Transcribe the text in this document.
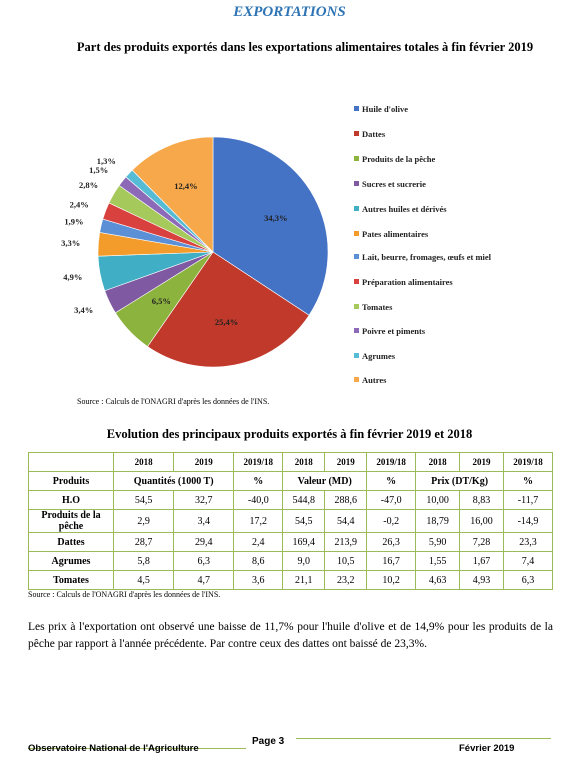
EXPORTATIONS
Part des produits exportés dans les exportations alimentaires totales à fin février 2019
34,3%
25,4%
6,5%
3,4%
4,9%
3,3%
1,9%
2,4%
2,8%
1,5%
1,3%
12,4%
Huile d'olive
Dattes
Produits de la pêche
Sucres et sucrerie
Autres huiles et dérivés
Pates alimentaires
Lait, beurre, fromages, œufs et miel
Préparation alimentaires
Tomates
Poivre et piments
Agrumes
Autres
Source : Calculs de l'ONAGRI d'après les données de l'INS.
Evolution des principaux produits exportés à fin février 2019 et 2018
	2018	2019	2019/18	2018	2019	2019/18	2018	2019	2019/18
Produits	Quantités (1000 T)		%	Valeur (MD)		%	Prix (DT/Kg)		%
H.O	54,5	32,7	-40,0	544,8	288,6	-47,0	10,00	8,83	-11,7
Produits de la pêche	2,9	3,4	17,2	54,5	54,4	-0,2	18,79	16,00	-14,9
Dattes	28,7	29,4	2,4	169,4	213,9	26,3	5,90	7,28	23,3
Agrumes	5,8	6,3	8,6	9,0	10,5	16,7	1,55	1,67	7,4
Tomates	4,5	4,7	3,6	21,1	23,2	10,2	4,63	4,93	6,3
Source : Calculs de l'ONAGRI d'après les données de l'INS.
Les prix à l'exportation ont observé une baisse de 11,7% pour l'huile d'olive et de 14,9% pour les produits de la pêche par rapport à l'année précédente. Par contre ceux des dattes ont baissé de 23,3%.
Observatoire National de l'Agriculture
Page 3
Février 2019
